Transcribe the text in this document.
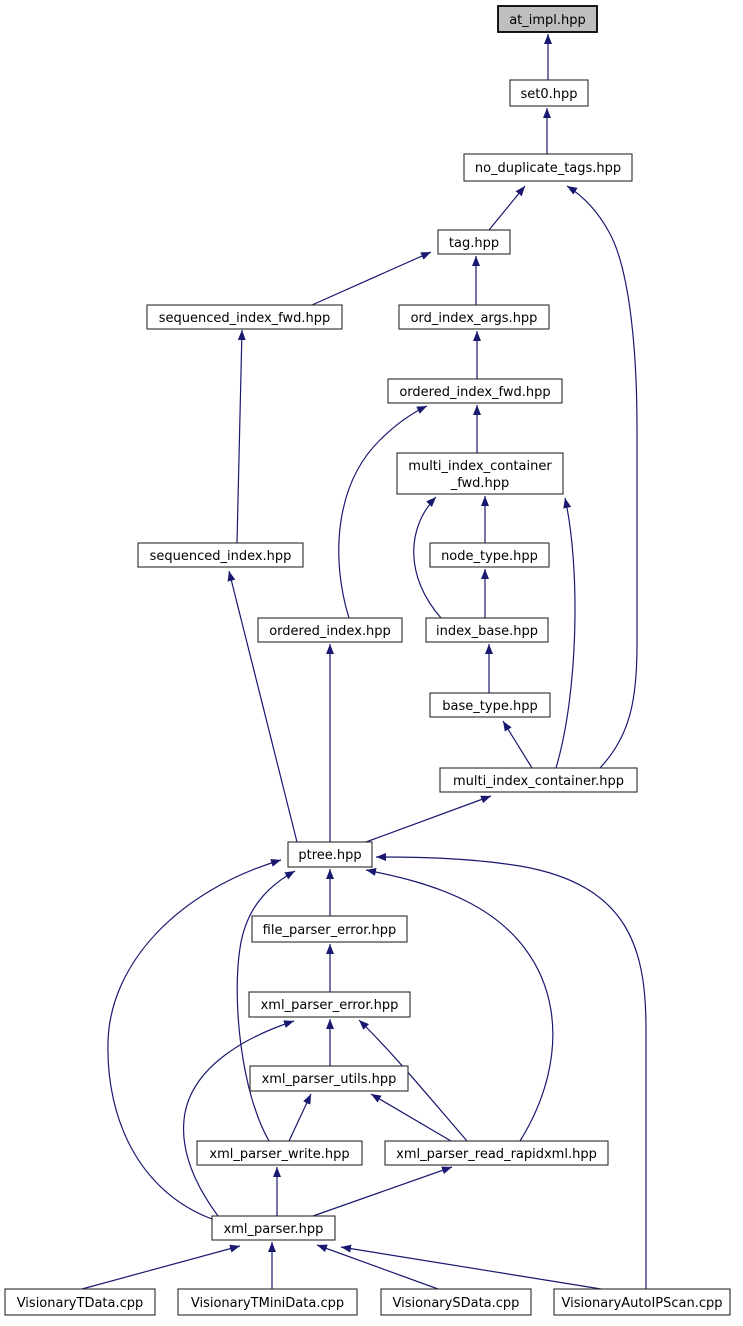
at_impl.hpp
set0.hpp
no_duplicate_tags.hpp
tag.hpp
sequenced_index_fwd.hpp	ord_index_args.hpp
ordered_index_fwd.hpp
multi_index_container
_fwd.hpp
node_type.hpp
sequenced_index.hpp
ordered_index.hpp	index_base.hpp
base_type.hpp
multi_index_container.hpp
ptree.hpp
file_parser_error.hpp
xml_parser_error.hpp
xml_parser_utils.hpp
xml_parser_write.hpp	xml_parser_read_rapidxml.hpp
xml_parser.hpp
VisionaryTData.cpp	VisionaryTMiniData.cpp	VisionarySData.cpp	VisionaryAutoIPScan.cpp
